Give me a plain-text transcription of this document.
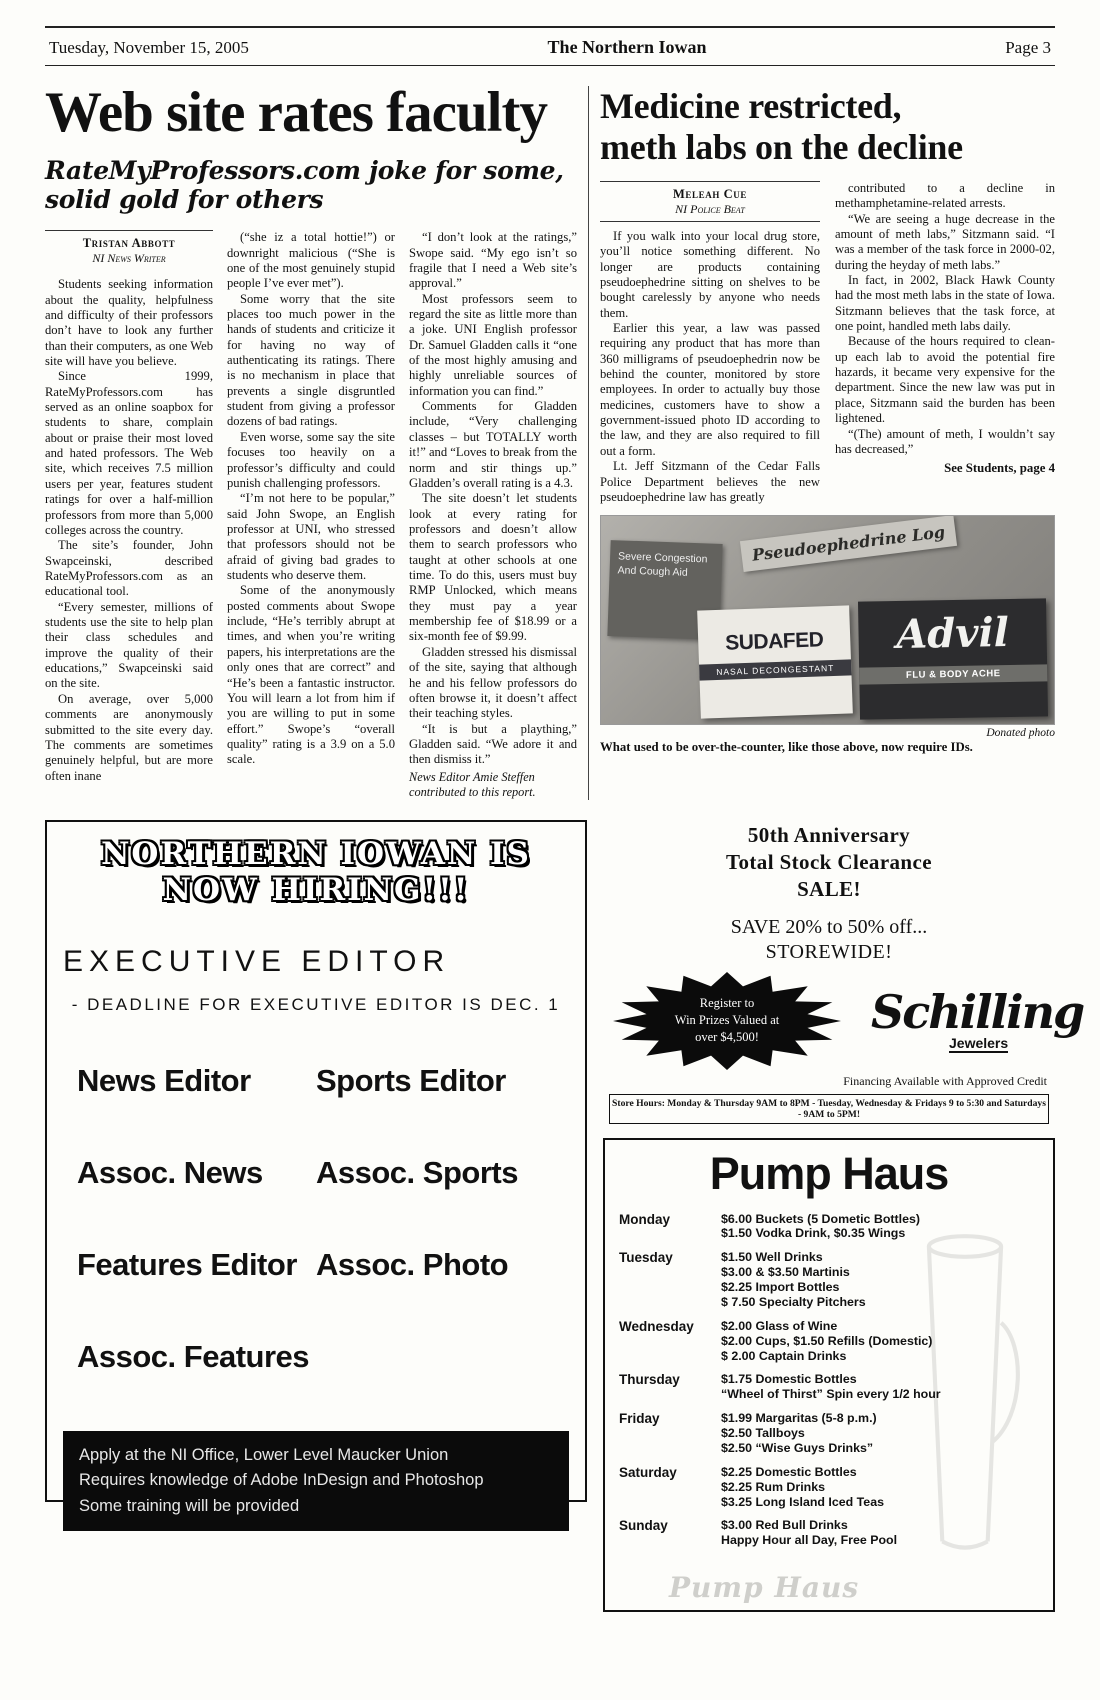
Tuesday, November 15, 2005	The Northern Iowan	Page 3
Web site rates faculty
RateMyProfessors.com joke for some, solid gold for others
Tristan Abbott
NI News Writer

Students seeking information about the quality, helpfulness and difficulty of their professors don’t have to look any further than their computers, as one Web site will have you believe.

Since 1999, RateMyProfessors.com has served as an online soapbox for students to share, complain about or praise their most loved and hated professors. The Web site, which receives 7.5 million users per year, features student ratings for over a half-million professors from more than 5,000 colleges across the country.

The site’s founder, John Swapceinski, described RateMyProfessors.com as an educational tool.

“Every semester, millions of students use the site to help plan their class schedules and improve the quality of their educations,” Swapceinski said on the site.

On average, over 5,000 comments are anonymously submitted to the site every day. The comments are sometimes genuinely helpful, but are more often inane

(“she iz a total hottie!”) or downright malicious (“She is one of the most genuinely stupid people I’ve ever met”).

Some worry that the site places too much power in the hands of students and criticize it for having no way of authenticating its ratings. There is no mechanism in place that prevents a single disgruntled student from giving a professor dozens of bad ratings.

Even worse, some say the site focuses too heavily on a professor’s difficulty and could punish challenging professors.

“I’m not here to be popular,” said John Swope, an English professor at UNI, who stressed that professors should not be afraid of giving bad grades to students who deserve them.

Some of the anonymously posted comments about Swope include, “He’s terribly abrupt at times, and when you’re writing papers, his interpretations are the only ones that are correct” and “He’s been a fantastic instructor. You will learn a lot from him if you are willing to put in some effort.” Swope’s “overall quality” rating is a 3.9 on a 5.0 scale.

“I don’t look at the ratings,” Swope said. “My ego isn’t so fragile that I need a Web site’s approval.”

Most professors seem to regard the site as little more than a joke. UNI English professor Dr. Samuel Gladden calls it “one of the most highly amusing and highly unreliable sources of information you can find.”

Comments for Gladden include, “Very challenging classes – but TOTALLY worth it!” and “Loves to break from the norm and stir things up.” Gladden’s overall rating is a 4.3.

The site doesn’t let students look at every rating for professors and doesn’t allow them to search professors who taught at other schools at one time. To do this, users must buy RMP Unlocked, which means they must pay a year membership fee of $18.99 or a six-month fee of $9.99.

Gladden stressed his dismissal of the site, saying that although he and his fellow professors do often browse it, it doesn’t affect their teaching styles.

“It is but a plaything,” Gladden said. “We adore it and then dismiss it.”

News Editor Amie Steffen contributed to this report.

Medicine restricted,
meth labs on the decline
Meleah Cue
NI Police Beat

If you walk into your local drug store, you’ll notice something different. No longer are products containing pseudoephedrine sitting on shelves to be bought carelessly by anyone who needs them.

Earlier this year, a law was passed requiring any product that has more than 360 milligrams of pseudoephedrin now be behind the counter, monitored by store employees. In order to actually buy those medicines, customers have to show a government-issued photo ID according to the law, and they are also required to fill out a form.

Lt. Jeff Sitzmann of the Cedar Falls Police Department believes the new pseudoephedrine law has greatly

contributed to a decline in methamphetamine-related arrests.

“We are seeing a huge decrease in the amount of meth labs,” Sitzmann said. “I was a member of the task force in 2000-02, during the heyday of meth labs.”

In fact, in 2002, Black Hawk County had the most meth labs in the state of Iowa. Sitzmann believes that the task force, at one point, handled meth labs daily.

Because of the hours required to clean-up each lab to avoid the potential fire hazards, it became very expensive for the department. Since the new law was put in place, Sitzmann said the burden has been lightened.

“(The) amount of meth, I wouldn’t say has decreased,”

See Students, page 4

Pseudoephedrine Log
Severe Congestion And Cough Aid
SUDAFED
NASAL DECONGESTANT
Advil
FLU & BODY ACHE
Donated photo
What used to be over-the-counter, like those above, now require IDs.
NORTHERN IOWAN IS NOW HIRING!!!
EXECUTIVE EDITOR
- DEADLINE FOR EXECUTIVE EDITOR IS DEC. 1
News Editor
Assoc. News
Features Editor
Assoc. Features
Sports Editor
Assoc. Sports
Assoc. Photo
Apply at the NI Office, Lower Level Maucker Union
Requires knowledge of Adobe InDesign and Photoshop
Some training will be provided
50th Anniversary
Total Stock Clearance
SALE!
SAVE 20% to 50% off...
STOREWIDE!
Register to
Win Prizes Valued at
over $4,500! Schilling
Jewelers
Financing Available with Approved Credit
Store Hours: Monday & Thursday 9AM to 8PM - Tuesday, Wednesday & Fridays 9 to 5:30 and Saturdays - 9AM to 5PM!
Pump Haus
Pump Haus
Monday	$6.00 Buckets (5 Dometic Bottles)
$1.50 Vodka Drink, $0.35 Wings
Tuesday	$1.50 Well Drinks
$3.00 & $3.50 Martinis
$2.25 Import Bottles
$ 7.50 Specialty Pitchers
Wednesday	$2.00 Glass of Wine
$2.00 Cups, $1.50 Refills (Domestic)
$ 2.00 Captain Drinks
Thursday	$1.75 Domestic Bottles
“Wheel of Thirst” Spin every 1/2 hour
Friday	$1.99 Margaritas (5-8 p.m.)
$2.50 Tallboys
$2.50 “Wise Guys Drinks”
Saturday	$2.25 Domestic Bottles
$2.25 Rum Drinks
$3.25 Long Island Iced Teas
Sunday	$3.00 Red Bull Drinks
Happy Hour all Day, Free Pool
